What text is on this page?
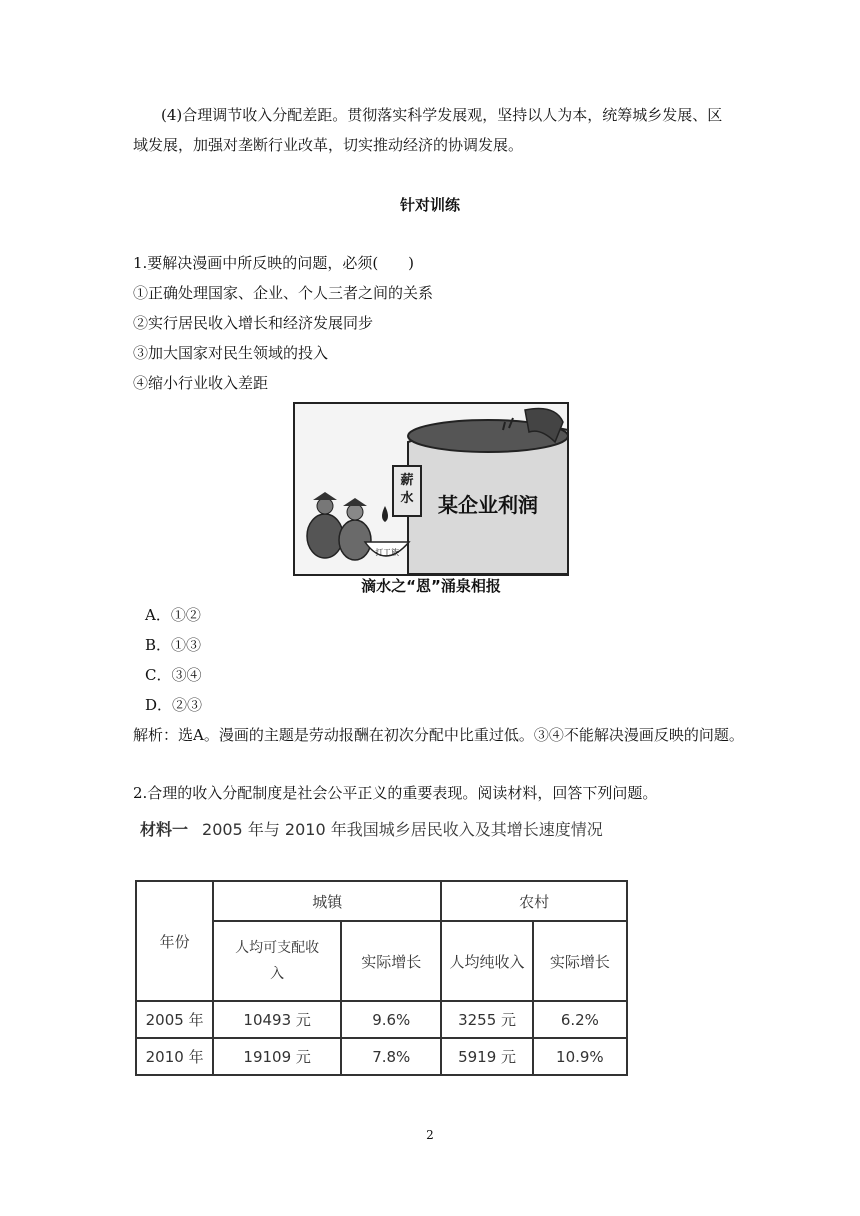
(4)合理调节收入分配差距。贯彻落实科学发展观，坚持以人为本，统筹城乡发展、区域发展，加强对垄断行业改革，切实推动经济的协调发展。
针对训练
1.要解决漫画中所反映的问题，必须(　　)
①正确处理国家、企业、个人三者之间的关系
②实行居民收入增长和经济发展同步
③加大国家对民生领域的投入
④缩小行业收入差距
薪
水 某企业利润
打工族
滴水之“恩”涌泉相报
A．①②
B．①③
C．③④
D．②③
解析：选A。漫画的主题是劳动报酬在初次分配中比重过低。③④不能解决漫画反映的问题。
2.合理的收入分配制度是社会公平正义的重要表现。阅读材料，回答下列问题。
材料一 2005 年与 2010 年我国城乡居民收入及其增长速度情况
年份	城镇		农村	
	人均可支配收入	实际增长	人均纯收入	实际增长
2005 年	10493 元	9.6%	3255 元	6.2%
2010 年	19109 元	7.8%	5919 元	10.9%
2
